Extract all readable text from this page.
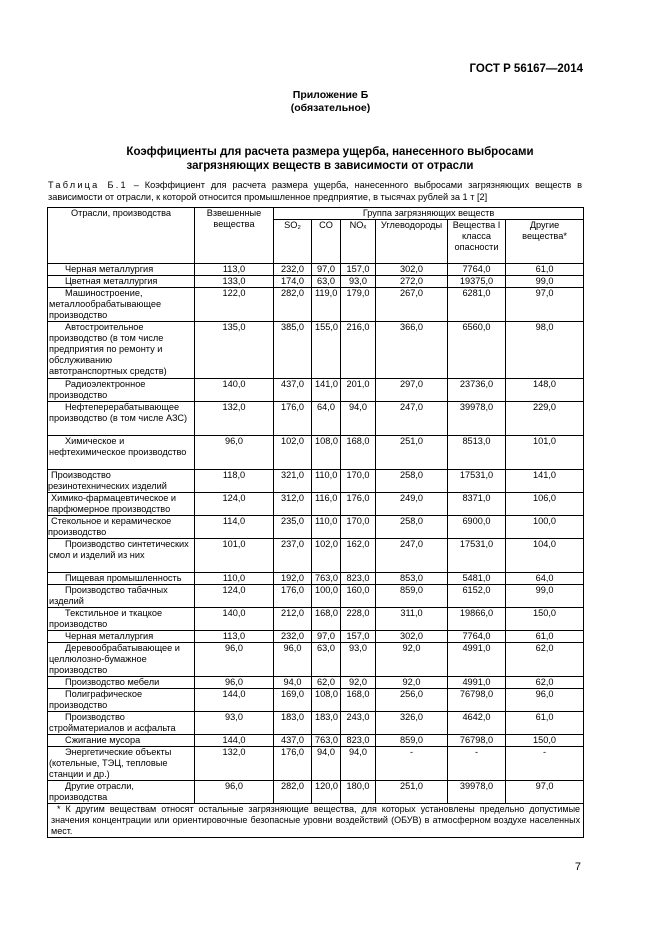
ГОСТ Р 56167—2014
Приложение Б
(обязательное)
Коэффициенты для расчета размера ущерба, нанесенного выбросами
загрязняющих веществ в зависимости от отрасли
Таблица Б.1 – Коэффициент для расчета размера ущерба, нанесенного выбросами загрязняющих веществ в зависимости от отрасли, к которой относится промышленное предприятие, в тысячах рублей за 1 т [2]
Отрасли, производства	Взвешенные вещества	Группа загрязняющих веществ					
		SO₂	CO	NOₓ	Углеводороды	Вещества I класса опасности	Другие вещества*
Черная металлургия	113,0	232,0	97,0	157,0	302,0	7764,0	61,0
Цветная металлургия	133,0	174,0	63,0	93,0	272,0	19375,0	99,0
Машиностроение, металлообрабатывающее производство	122,0	282,0	119,0	179,0	267,0	6281,0	97,0
Автостроительное производство (в том числе предприятия по ремонту и обслуживанию автотранспортных средств)	135,0	385,0	155,0	216,0	366,0	6560,0	98,0
Радиоэлектронное производство	140,0	437,0	141,0	201,0	297,0	23736,0	148,0
Нефтеперерабатывающее производство (в том числе АЗС)	132,0	176,0	64,0	94,0	247,0	39978,0	229,0
Химическое и нефтехимическое производство	96,0	102,0	108,0	168,0	251,0	8513,0	101,0
Производство резинотехнических изделий	118,0	321,0	110,0	170,0	258,0	17531,0	141,0
Химико-фармацевтическое и парфюмерное производство	124,0	312,0	116,0	176,0	249,0	8371,0	106,0
Стекольное и керамическое производство	114,0	235,0	110,0	170,0	258,0	6900,0	100,0
Производство синтетических смол и изделий из них	101,0	237,0	102,0	162,0	247,0	17531,0	104,0
Пищевая промышленность	110,0	192,0	763,0	823,0	853,0	5481,0	64,0
Производство табачных изделий	124,0	176,0	100,0	160,0	859,0	6152,0	99,0
Текстильное и ткацкое производство	140,0	212,0	168,0	228,0	311,0	19866,0	150,0
Черная металлургия	113,0	232,0	97,0	157,0	302,0	7764,0	61,0
Деревообрабатывающее и целлюлозно-бумажное производство	96,0	96,0	63,0	93,0	92,0	4991,0	62,0
Производство мебели	96,0	94,0	62,0	92,0	92,0	4991,0	62,0
Полиграфическое производство	144,0	169,0	108,0	168,0	256,0	76798,0	96,0
Производство стройматериалов и асфальта	93,0	183,0	183,0	243,0	326,0	4642,0	61,0
Сжигание мусора	144,0	437,0	763,0	823,0	859,0	76798,0	150,0
Энергетические объекты (котельные, ТЭЦ, тепловые станции и др.)	132,0	176,0	94,0	94,0	-	-	-
Другие отрасли, производства	96,0	282,0	120,0	180,0	251,0	39978,0	97,0
* К другим веществам относят остальные загрязняющие вещества, для которых установлены предельно допустимые значения концентрации или ориентировочные безопасные уровни воздействий (ОБУВ) в атмосферном воздухе населенных мест.							
7
